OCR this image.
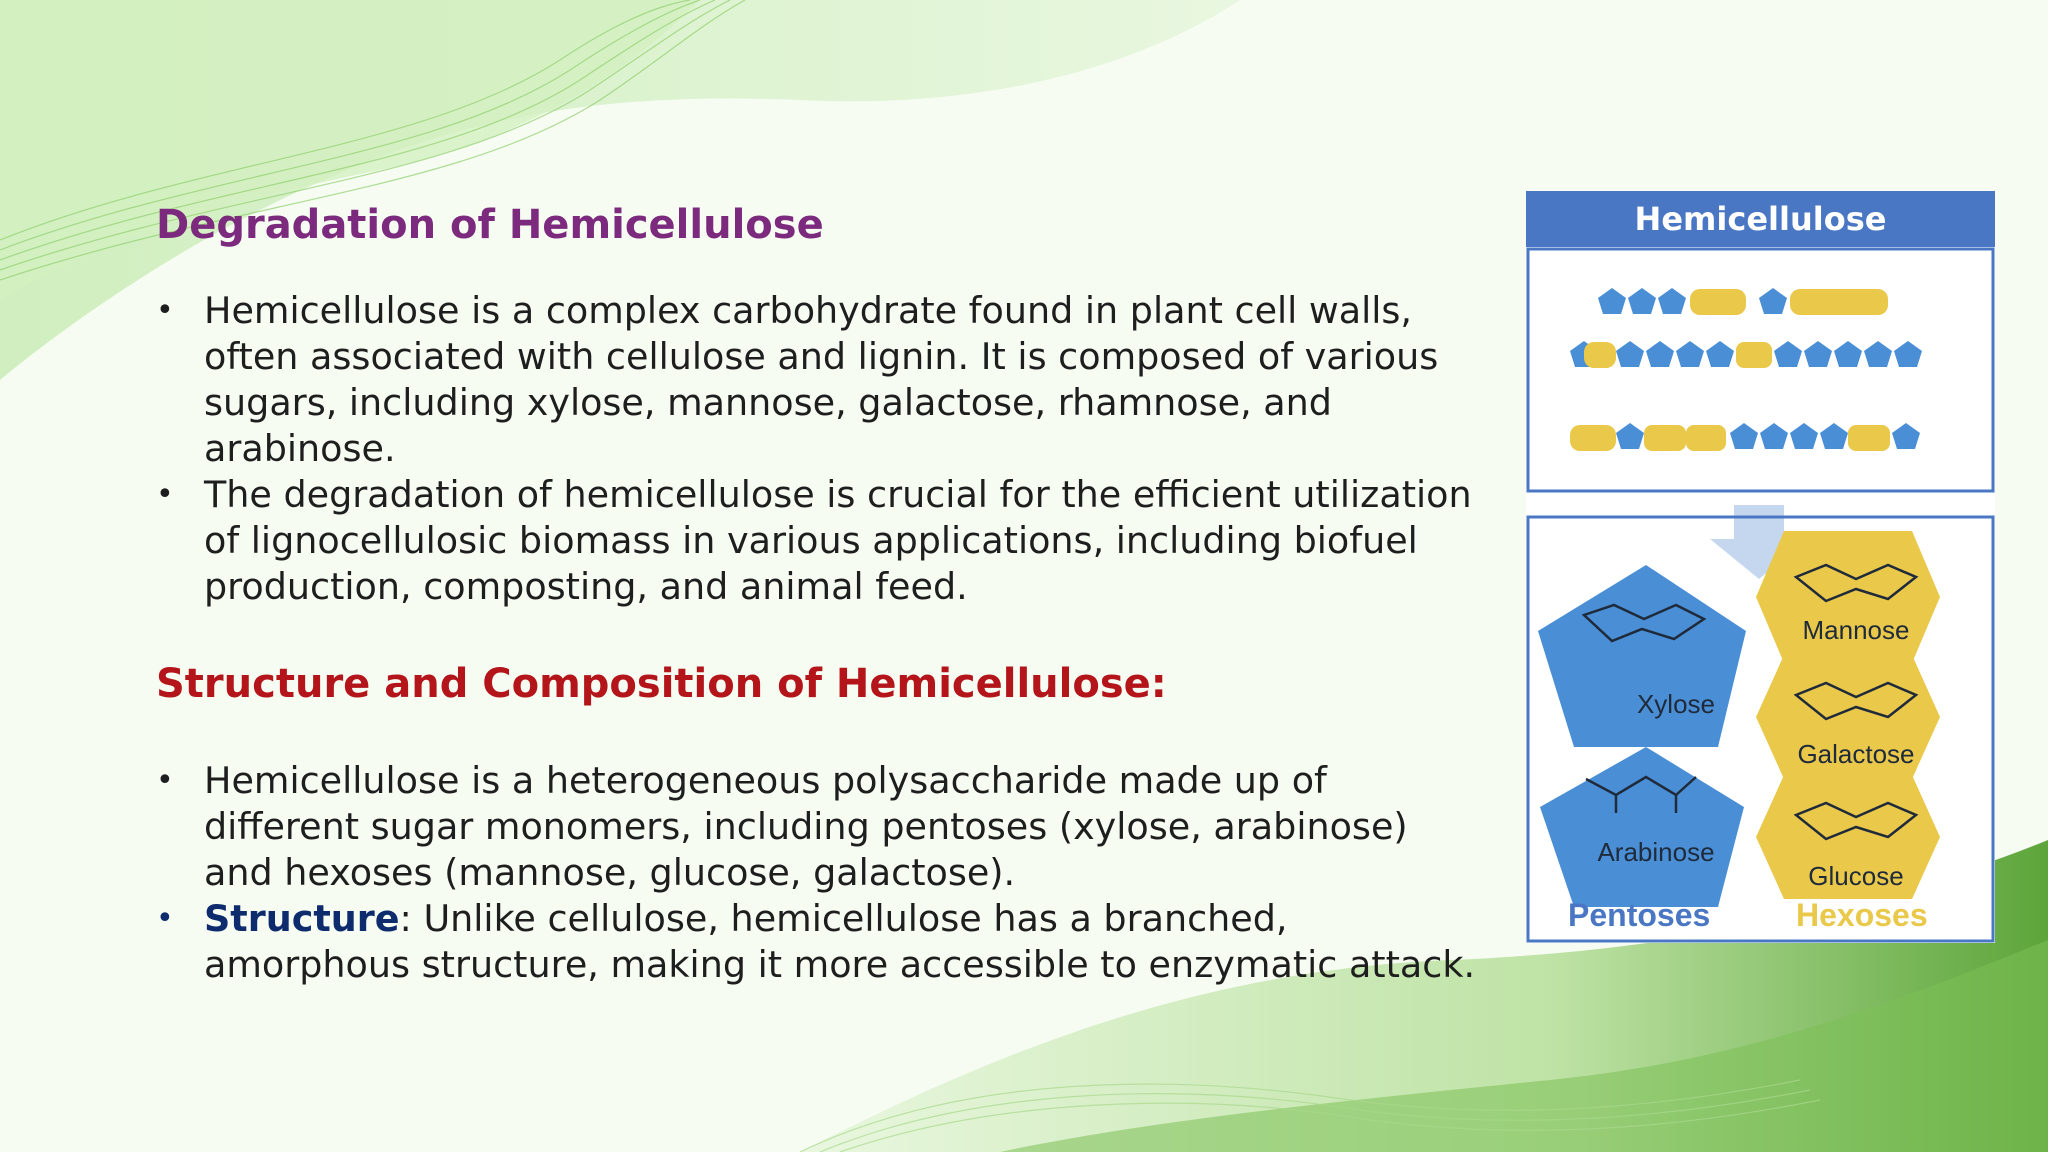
Degradation of Hemicellulose
• Hemicellulose is a complex carbohydrate found in plant cell walls, often associated with cellulose and lignin. It is composed of various sugars, including xylose, mannose, galactose, rhamnose, and arabinose.
• The degradation of hemicellulose is crucial for the efficient utilization of lignocellulosic biomass in various applications, including biofuel production, composting, and animal feed.
Structure and Composition of Hemicellulose:
• Hemicellulose is a heterogeneous polysaccharide made up of different sugar monomers, including pentoses (xylose, arabinose) and hexoses (mannose, glucose, galactose).
• Structure: Unlike cellulose, hemicellulose has a branched, amorphous structure, making it more accessible to enzymatic attack.
Hemicellulose
Xylose
Arabinose
Mannose
Galactose
Glucose
Pentoses	Hexoses
